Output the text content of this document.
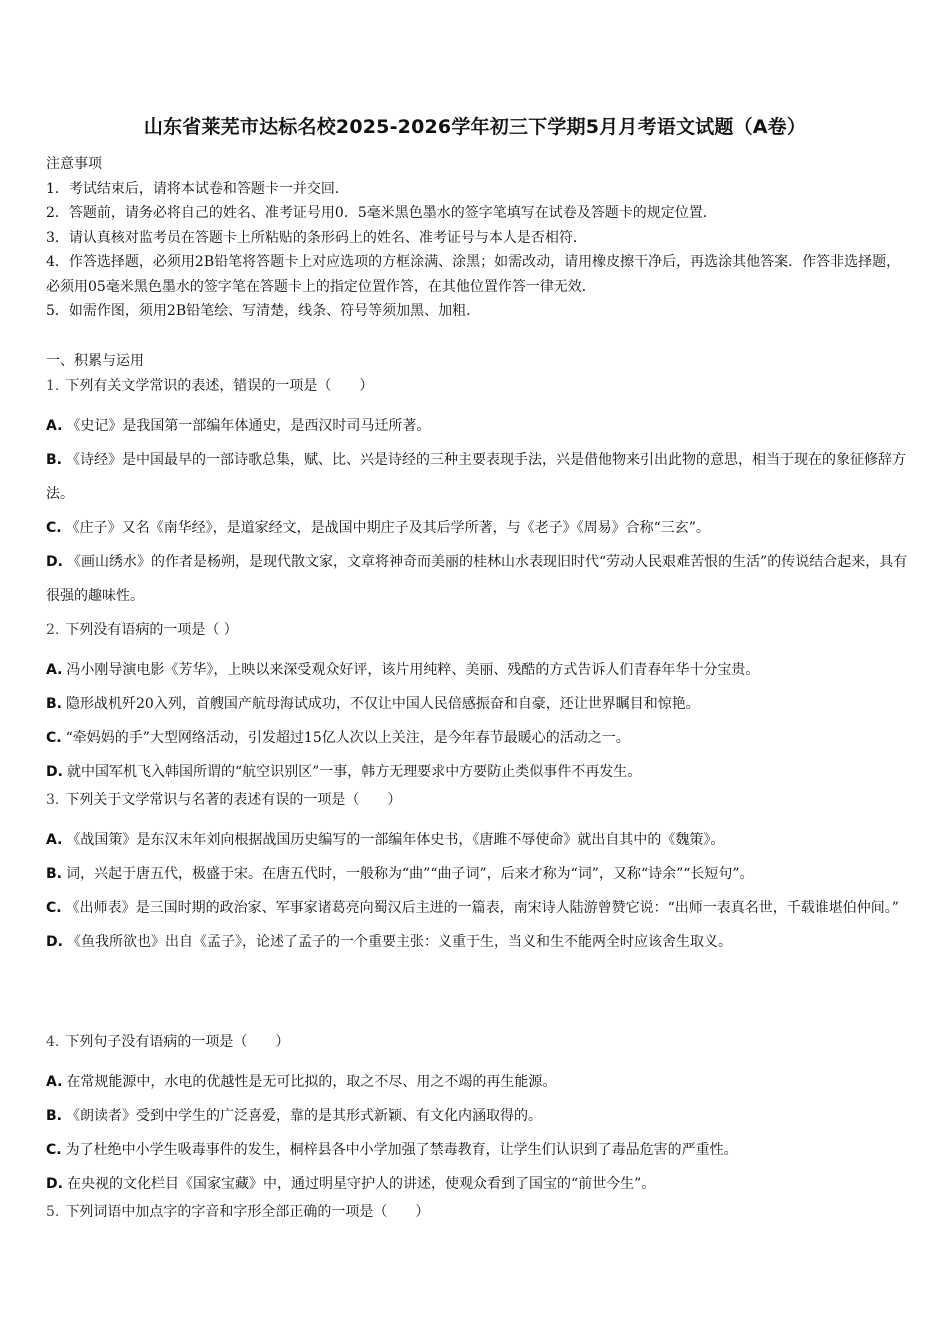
山东省莱芜市达标名校2025-2026学年初三下学期5月月考语文试题（A卷）
注意事项
1．考试结束后，请将本试卷和答题卡一并交回．
2．答题前，请务必将自己的姓名、准考证号用0．5毫米黑色墨水的签字笔填写在试卷及答题卡的规定位置．
3．请认真核对监考员在答题卡上所粘贴的条形码上的姓名、准考证号与本人是否相符．
4．作答选择题，必须用2B铅笔将答题卡上对应选项的方框涂满、涂黑；如需改动，请用橡皮擦干净后，再选涂其他答案．作答非选择题，必须用05毫米黑色墨水的签字笔在答题卡上的指定位置作答，在其他位置作答一律无效．
5．如需作图，须用2B铅笔绘、写清楚，线条、符号等须加黑、加粗．
一、积累与运用
1. 下列有关文学常识的表述，错误的一项是（　　）
A. 《史记》是我国第一部编年体通史，是西汉时司马迁所著。
B. 《诗经》是中国最早的一部诗歌总集，赋、比、兴是诗经的三种主要表现手法，兴是借他物来引出此物的意思，相当于现在的象征修辞方法。
C. 《庄子》又名《南华经》，是道家经文，是战国中期庄子及其后学所著，与《老子》《周易》合称“三玄”。
D. 《画山绣水》的作者是杨朔，是现代散文家，文章将神奇而美丽的桂林山水表现旧时代“劳动人民艰难苦恨的生活”的传说结合起来，具有很强的趣味性。
2. 下列没有语病的一项是（ ）
A. 冯小刚导演电影《芳华》，上映以来深受观众好评，该片用纯粹、美丽、残酷的方式告诉人们青春年华十分宝贵。
B. 隐形战机歼20入列，首艘国产航母海试成功，不仅让中国人民倍感振奋和自豪，还让世界瞩目和惊艳。
C. “牵妈妈的手”大型网络活动，引发超过15亿人次以上关注，是今年春节最暖心的活动之一。
D. 就中国军机飞入韩国所谓的“航空识别区”一事，韩方无理要求中方要防止类似事件不再发生。
3. 下列关于文学常识与名著的表述有误的一项是（　　）
A. 《战国策》是东汉末年刘向根据战国历史编写的一部编年体史书，《唐雎不辱使命》就出自其中的《魏策》。
B. 词，兴起于唐五代，极盛于宋。在唐五代时，一般称为“曲”“曲子词”，后来才称为“词”，又称“诗余”“长短句”。
C. 《出师表》是三国时期的政治家、军事家诸葛亮向蜀汉后主进的一篇表，南宋诗人陆游曾赞它说：“出师一表真名世，千载谁堪伯仲间。”
D. 《鱼我所欲也》出自《孟子》，论述了孟子的一个重要主张：义重于生，当义和生不能两全时应该舍生取义。
4. 下列句子没有语病的一项是（　　）
A. 在常规能源中，水电的优越性是无可比拟的，取之不尽、用之不竭的再生能源。
B. 《朗读者》受到中学生的广泛喜爱，靠的是其形式新颖、有文化内涵取得的。
C. 为了杜绝中小学生吸毒事件的发生，桐梓县各中小学加强了禁毒教育，让学生们认识到了毒品危害的严重性。
D. 在央视的文化栏目《国家宝藏》中，通过明星守护人的讲述，使观众看到了国宝的“前世今生”。
5. 下列词语中加点字的字音和字形全部正确的一项是（　　）
